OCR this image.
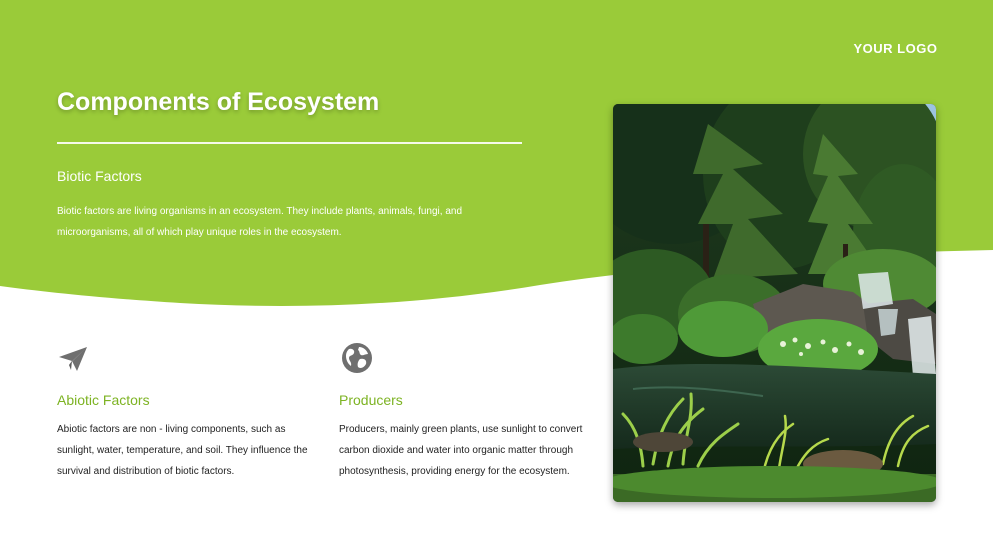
YOUR LOGO
Components of Ecosystem
Biotic Factors
Biotic factors are living organisms in an ecosystem. They include plants, animals, fungi, and microorganisms, all of which play unique roles in the ecosystem.
Abiotic Factors
Abiotic factors are non - living components, such as sunlight, water, temperature, and soil. They influence the survival and distribution of biotic factors.
Producers
Producers, mainly green plants, use sunlight to convert carbon dioxide and water into organic matter through photosynthesis, providing energy for the ecosystem.
